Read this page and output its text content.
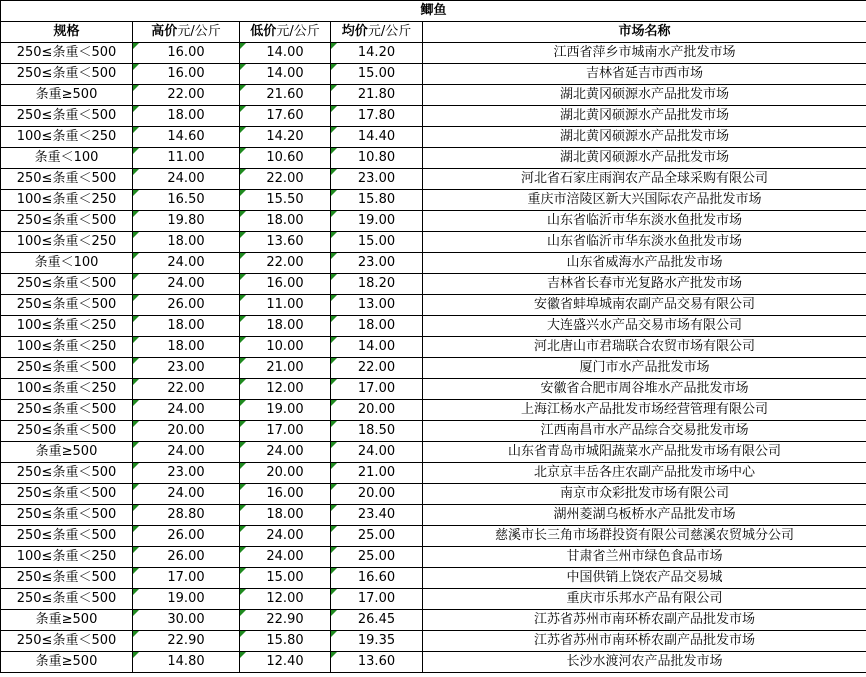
鲫鱼				
规格	高价元/公斤	低价元/公斤	均价元/公斤	市场名称
250≤条重＜500	16.00	14.00	14.20	江西省萍乡市城南水产批发市场
250≤条重＜500	16.00	14.00	15.00	吉林省延吉市西市场
条重≥500	22.00	21.60	21.80	湖北黄冈硕源水产品批发市场
250≤条重＜500	18.00	17.60	17.80	湖北黄冈硕源水产品批发市场
100≤条重＜250	14.60	14.20	14.40	湖北黄冈硕源水产品批发市场
条重＜100	11.00	10.60	10.80	湖北黄冈硕源水产品批发市场
250≤条重＜500	24.00	22.00	23.00	河北省石家庄雨润农产品全球采购有限公司
100≤条重＜250	16.50	15.50	15.80	重庆市涪陵区新大兴国际农产品批发市场
250≤条重＜500	19.80	18.00	19.00	山东省临沂市华东淡水鱼批发市场
100≤条重＜250	18.00	13.60	15.00	山东省临沂市华东淡水鱼批发市场
条重＜100	24.00	22.00	23.00	山东省威海水产品批发市场
250≤条重＜500	24.00	16.00	18.20	吉林省长春市光复路水产批发市场
250≤条重＜500	26.00	11.00	13.00	安徽省蚌埠城南农副产品交易有限公司
100≤条重＜250	18.00	18.00	18.00	大连盛兴水产品交易市场有限公司
100≤条重＜250	18.00	10.00	14.00	河北唐山市君瑞联合农贸市场有限公司
250≤条重＜500	23.00	21.00	22.00	厦门市水产品批发市场
100≤条重＜250	22.00	12.00	17.00	安徽省合肥市周谷堆水产品批发市场
250≤条重＜500	24.00	19.00	20.00	上海江杨水产品批发市场经营管理有限公司
250≤条重＜500	20.00	17.00	18.50	江西南昌市水产品综合交易批发市场
条重≥500	24.00	24.00	24.00	山东省青岛市城阳蔬菜水产品批发市场有限公司
250≤条重＜500	23.00	20.00	21.00	北京京丰岳各庄农副产品批发市场中心
250≤条重＜500	24.00	16.00	20.00	南京市众彩批发市场有限公司
250≤条重＜500	28.80	18.00	23.40	湖州菱湖乌板桥水产品批发市场
250≤条重＜500	26.00	24.00	25.00	慈溪市长三角市场群投资有限公司慈溪农贸城分公司
100≤条重＜250	26.00	24.00	25.00	甘肃省兰州市绿色食品市场
250≤条重＜500	17.00	15.00	16.60	中国供销上饶农产品交易城
250≤条重＜500	19.00	12.00	17.00	重庆市乐邦水产品有限公司
条重≥500	30.00	22.90	26.45	江苏省苏州市南环桥农副产品批发市场
250≤条重＜500	22.90	15.80	19.35	江苏省苏州市南环桥农副产品批发市场
条重≥500	14.80	12.40	13.60	长沙水渡河农产品批发市场
